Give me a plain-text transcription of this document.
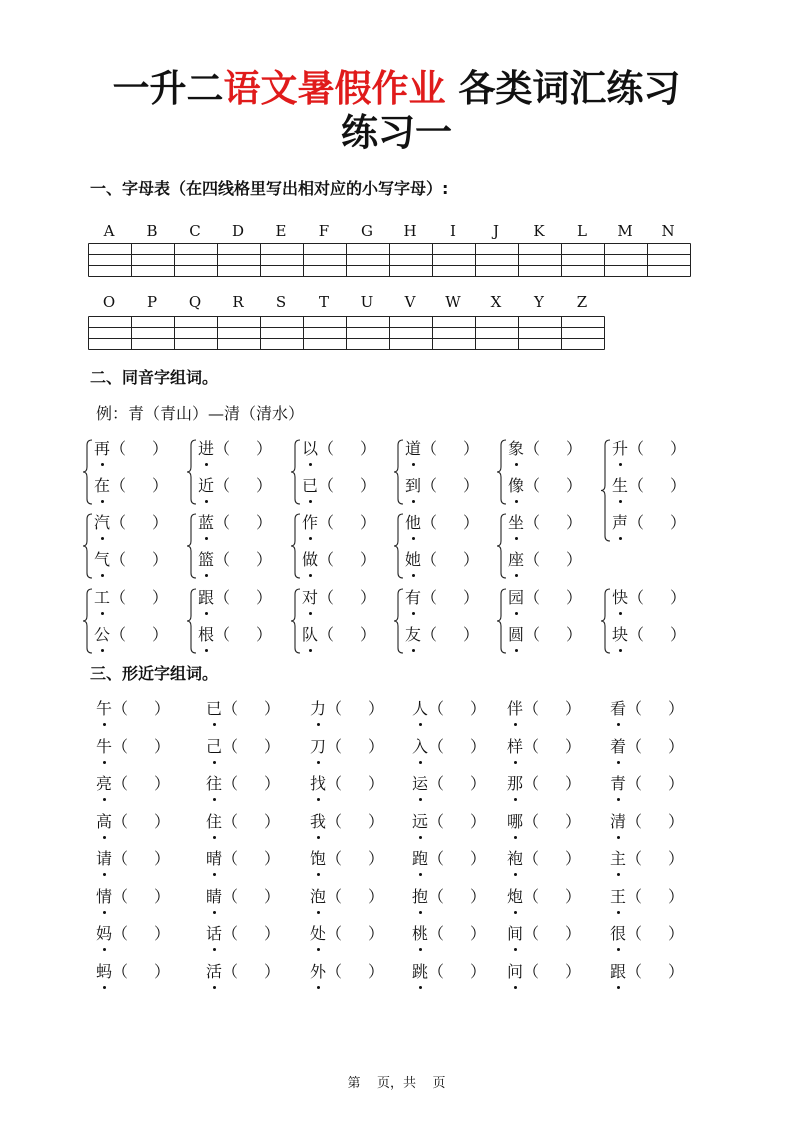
一升二语文暑假作业 各类词汇练习
练习一
一、字母表（在四线格里写出相对应的小写字母）:
A	B	C	D	E	F	G	H	I	J	K	L	M	N
O	P	Q	R	S	T	U	V	W	X	Y	Z
二、同音字组词。
例：青（青山）—清（清水）
再（ ）
在（ ）
进（ ）
近（ ）
以（ ）
已（ ）
道（ ）
到（ ）
象（ ）
像（ ）
升（ ）
生（ ）
声（ ）
汽（ ）
气（ ）
蓝（ ）
篮（ ）
作（ ）
做（ ）
他（ ）
她（ ）
坐（ ）
座（ ）
工（ ）
公（ ）
跟（ ）
根（ ）
对（ ）
队（ ）
有（ ）
友（ ）
园（ ）
圆（ ）
快（ ）
块（ ）
三、形近字组词。
午（ ） 已（ ） 力（ ） 人（ ） 伴（ ） 看（ ）
牛（ ） 己（ ） 刀（ ） 入（ ） 样（ ） 着（ ）
亮（ ） 往（ ） 找（ ） 运（ ） 那（ ） 青（ ）
高（ ） 住（ ） 我（ ） 远（ ） 哪（ ） 清（ ）
请（ ） 晴（ ） 饱（ ） 跑（ ） 袍（ ） 主（ ）
情（ ） 睛（ ） 泡（ ） 抱（ ） 炮（ ） 王（ ）
妈（ ） 话（ ） 处（ ） 桃（ ） 间（ ） 很（ ）
蚂（ ） 活（ ） 外（ ） 跳（ ） 问（ ） 跟（ ）
第    页，共    页
